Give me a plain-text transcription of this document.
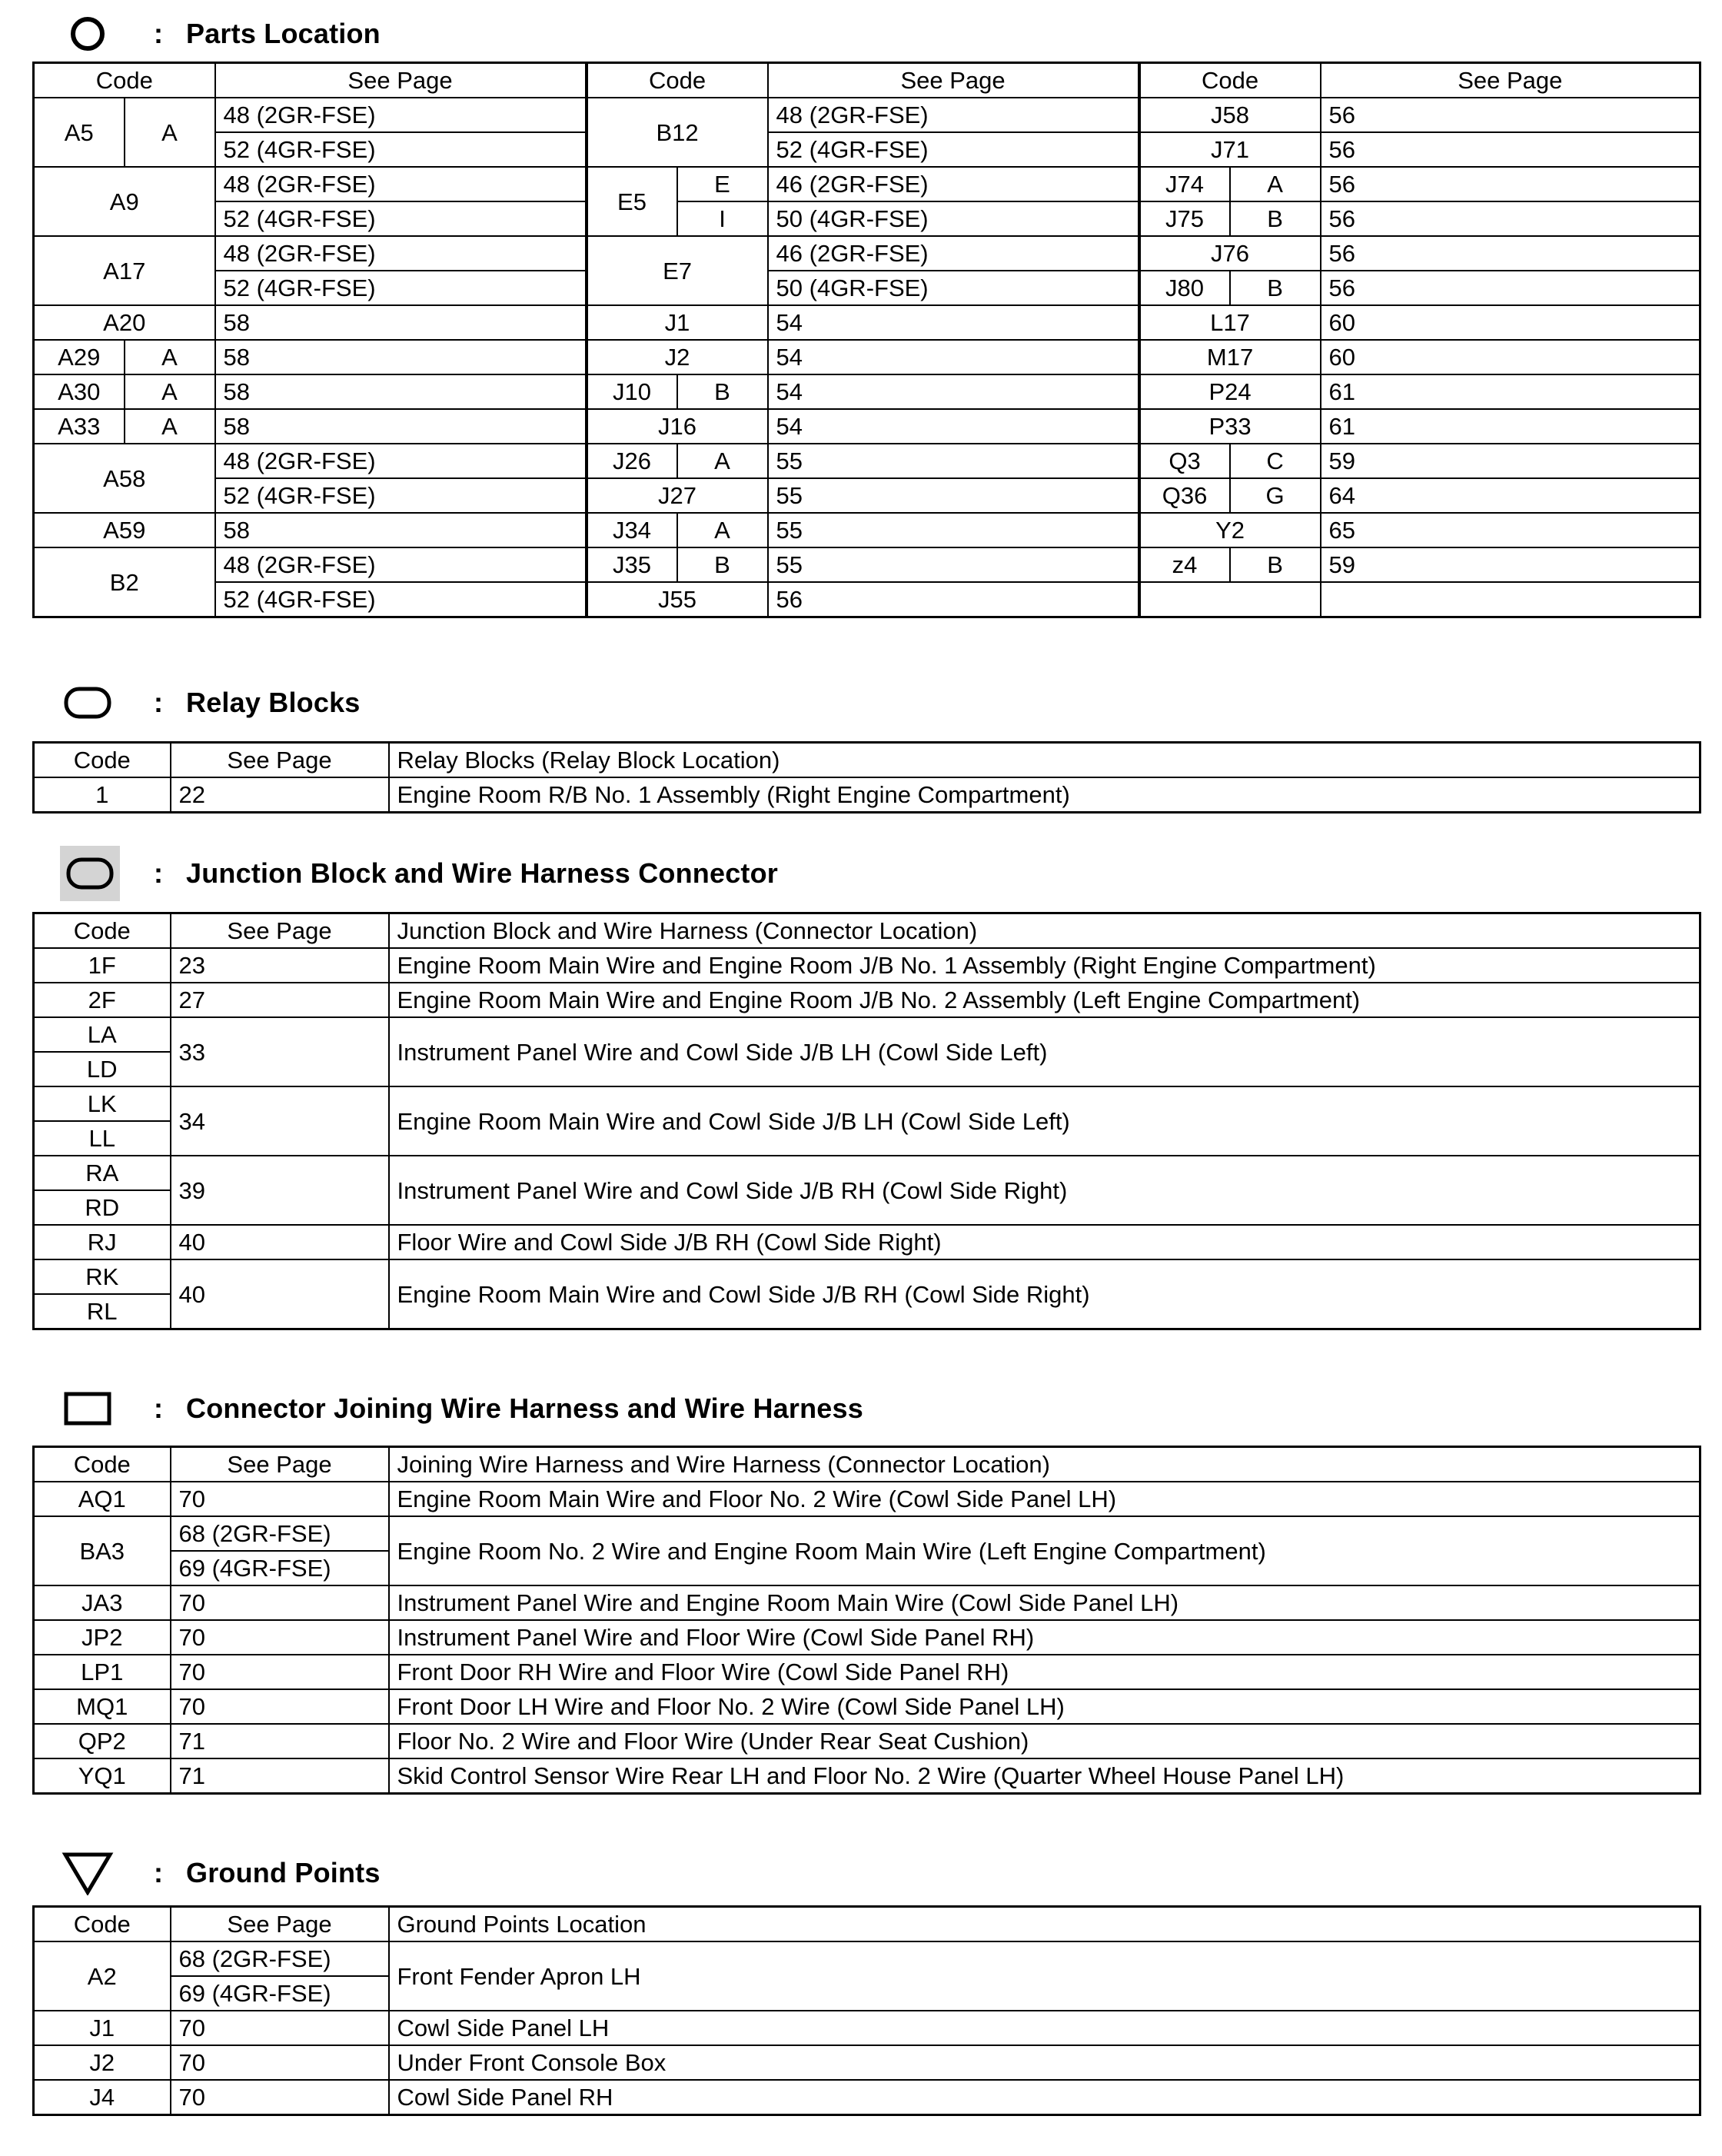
: Parts Location
Code		See Page	Code		See Page	Code		See Page
A5	A	48 (2GR-FSE)	B12		48 (2GR-FSE)	J58		56
		52 (4GR-FSE)			52 (4GR-FSE)	J71		56
A9		48 (2GR-FSE)	E5	E	46 (2GR-FSE)	J74	A	56
		52 (4GR-FSE)		I	50 (4GR-FSE)	J75	B	56
A17		48 (2GR-FSE)	E7		46 (2GR-FSE)	J76		56
		52 (4GR-FSE)			50 (4GR-FSE)	J80	B	56
A20		58	J1		54	L17		60
A29	A	58	J2		54	M17		60
A30	A	58	J10	B	54	P24		61
A33	A	58	J16		54	P33		61
A58		48 (2GR-FSE)	J26	A	55	Q3	C	59
		52 (4GR-FSE)	J27		55	Q36	G	64
A59		58	J34	A	55	Y2		65
B2		48 (2GR-FSE)	J35	B	55	z4	B	59
		52 (4GR-FSE)	J55		56			
: Relay Blocks
Code	See Page	Relay Blocks (Relay Block Location)
1	22	Engine Room R/B No. 1 Assembly (Right Engine Compartment)
: Junction Block and Wire Harness Connector
Code	See Page	Junction Block and Wire Harness (Connector Location)
1F	23	Engine Room Main Wire and Engine Room J/B No. 1 Assembly (Right Engine Compartment)
2F	27	Engine Room Main Wire and Engine Room J/B No. 2 Assembly (Left Engine Compartment)
LA	33	Instrument Panel Wire and Cowl Side J/B LH (Cowl Side Left)
LD		
LK	34	Engine Room Main Wire and Cowl Side J/B LH (Cowl Side Left)
LL		
RA	39	Instrument Panel Wire and Cowl Side J/B RH (Cowl Side Right)
RD		
RJ	40	Floor Wire and Cowl Side J/B RH (Cowl Side Right)
RK	40	Engine Room Main Wire and Cowl Side J/B RH (Cowl Side Right)
RL		
: Connector Joining Wire Harness and Wire Harness
Code	See Page	Joining Wire Harness and Wire Harness (Connector Location)
AQ1	70	Engine Room Main Wire and Floor No. 2 Wire (Cowl Side Panel LH)
BA3	68 (2GR-FSE)	Engine Room No. 2 Wire and Engine Room Main Wire (Left Engine Compartment)
	69 (4GR-FSE)	
JA3	70	Instrument Panel Wire and Engine Room Main Wire (Cowl Side Panel LH)
JP2	70	Instrument Panel Wire and Floor Wire (Cowl Side Panel RH)
LP1	70	Front Door RH Wire and Floor Wire (Cowl Side Panel RH)
MQ1	70	Front Door LH Wire and Floor No. 2 Wire (Cowl Side Panel LH)
QP2	71	Floor No. 2 Wire and Floor Wire (Under Rear Seat Cushion)
YQ1	71	Skid Control Sensor Wire Rear LH and Floor No. 2 Wire (Quarter Wheel House Panel LH)
: Ground Points
Code	See Page	Ground Points Location
A2	68 (2GR-FSE)	Front Fender Apron LH
	69 (4GR-FSE)	
J1	70	Cowl Side Panel LH
J2	70	Under Front Console Box
J4	70	Cowl Side Panel RH
